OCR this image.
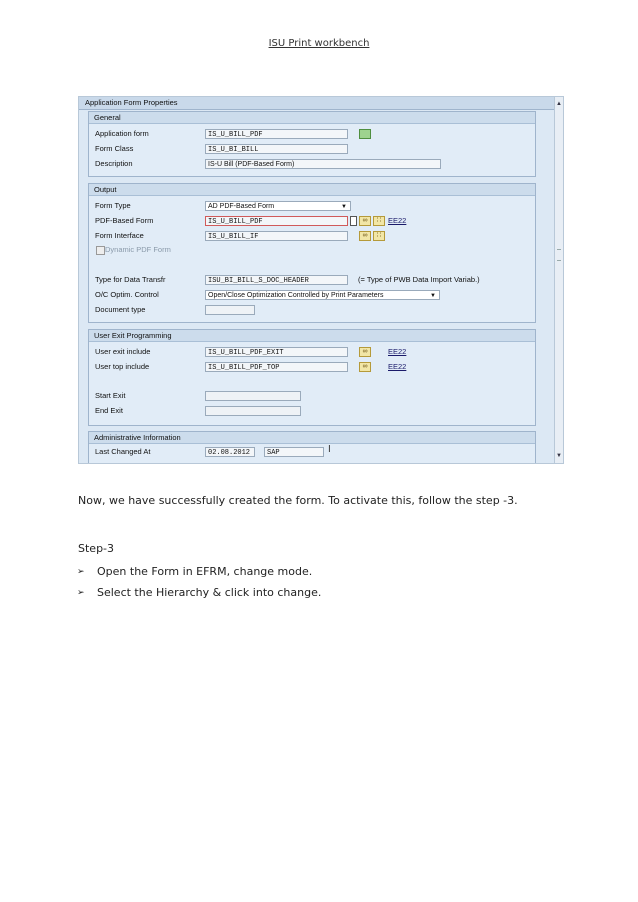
ISU Print workbench
Application Form Properties	▲
▼
General
Application form	IS_U_BILL_PDF
Form Class	IS_U_BI_BILL
Description	IS-U Bill (PDF-Based Form)
Output
Form Type	AD PDF-Based Form	▼
PDF-Based Form	IS_U_BILL_PDF	∞	∷ EE22
Form Interface	IS_U_BILL_IF	∞	∷
Dynamic PDF Form
Type for Data Transfr	ISU_BI_BILL_S_DOC_HEADER	(= Type of PWB Data Import Variab.)
O/C Optim. Control	Open/Close Optimization Controlled by Print Parameters	▼
Document type
User Exit Programming
User exit include	IS_U_BILL_PDF_EXIT	∞	EE22
User top include	IS_U_BILL_PDF_TOP	∞	EE22
Start Exit
End Exit
Administrative Information
Last Changed At	02.08.2012	SAP	I
Now, we have successfully created the form. To activate this, follow the step -3.
Step-3
➢ Open the Form in EFRM, change mode.
➢ Select the Hierarchy & click into change.
